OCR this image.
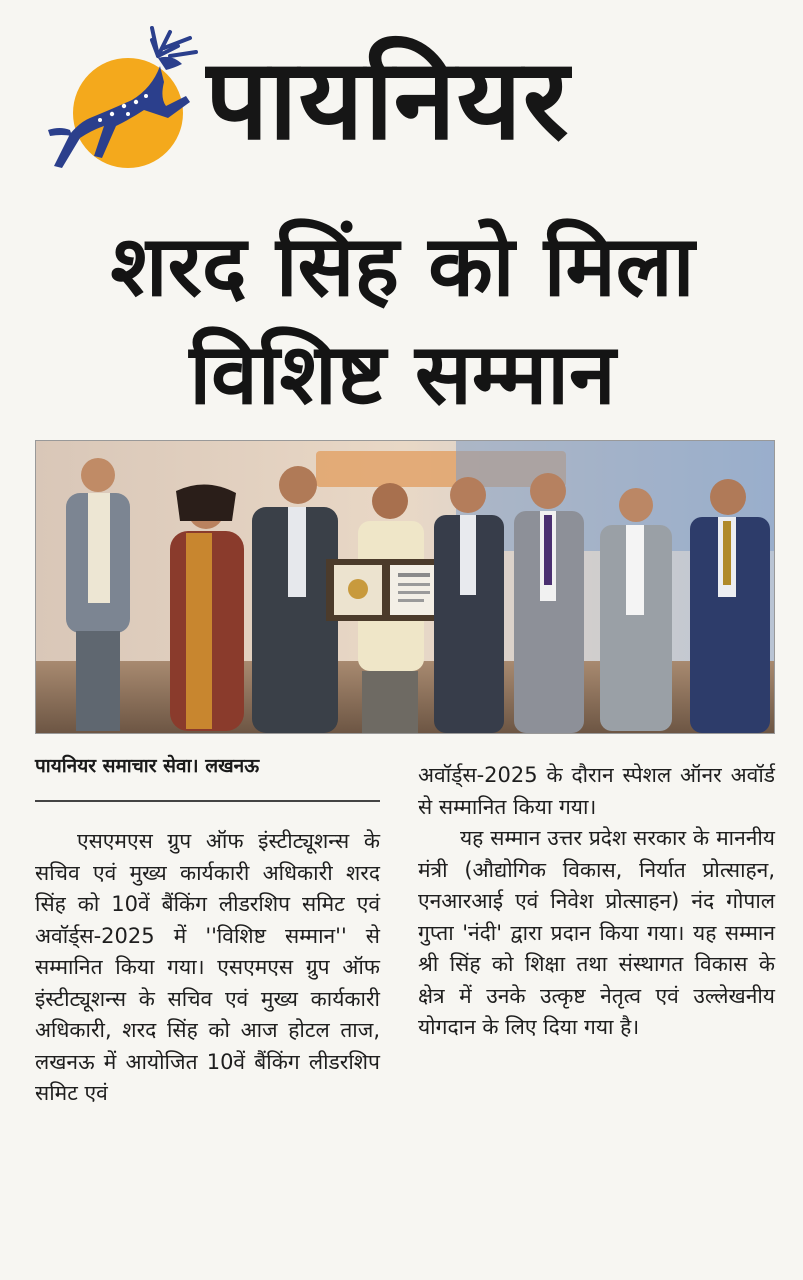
पायनियर
शरद सिंह को मिला
विशिष्ट सम्मान
पायनियर समाचार सेवा। लखनऊ

एसएमएस ग्रुप ऑफ इंस्टीट्यूशन्स के सचिव एवं मुख्य कार्यकारी अधिकारी शरद सिंह को 10वें बैंकिंग लीडरशिप समिट एवं अवॉर्ड्स-2025 में ''विशिष्ट सम्मान'' से सम्मानित किया गया। एसएमएस ग्रुप ऑफ इंस्टीट्यूशन्स के सचिव एवं मुख्य कार्यकारी अधिकारी, शरद सिंह को आज होटल ताज, लखनऊ में आयोजित 10वें बैंकिंग लीडरशिप समिट एवं

अवॉर्ड्स-2025 के दौरान स्पेशल ऑनर अवॉर्ड से सम्मानित किया गया।

यह सम्मान उत्तर प्रदेश सरकार के माननीय मंत्री (औद्योगिक विकास, निर्यात प्रोत्साहन, एनआरआई एवं निवेश प्रोत्साहन) नंद गोपाल गुप्ता 'नंदी' द्वारा प्रदान किया गया। यह सम्मान श्री सिंह को शिक्षा तथा संस्थागत विकास के क्षेत्र में उनके उत्कृष्ट नेतृत्व एवं उल्लेखनीय योगदान के लिए दिया गया है।
